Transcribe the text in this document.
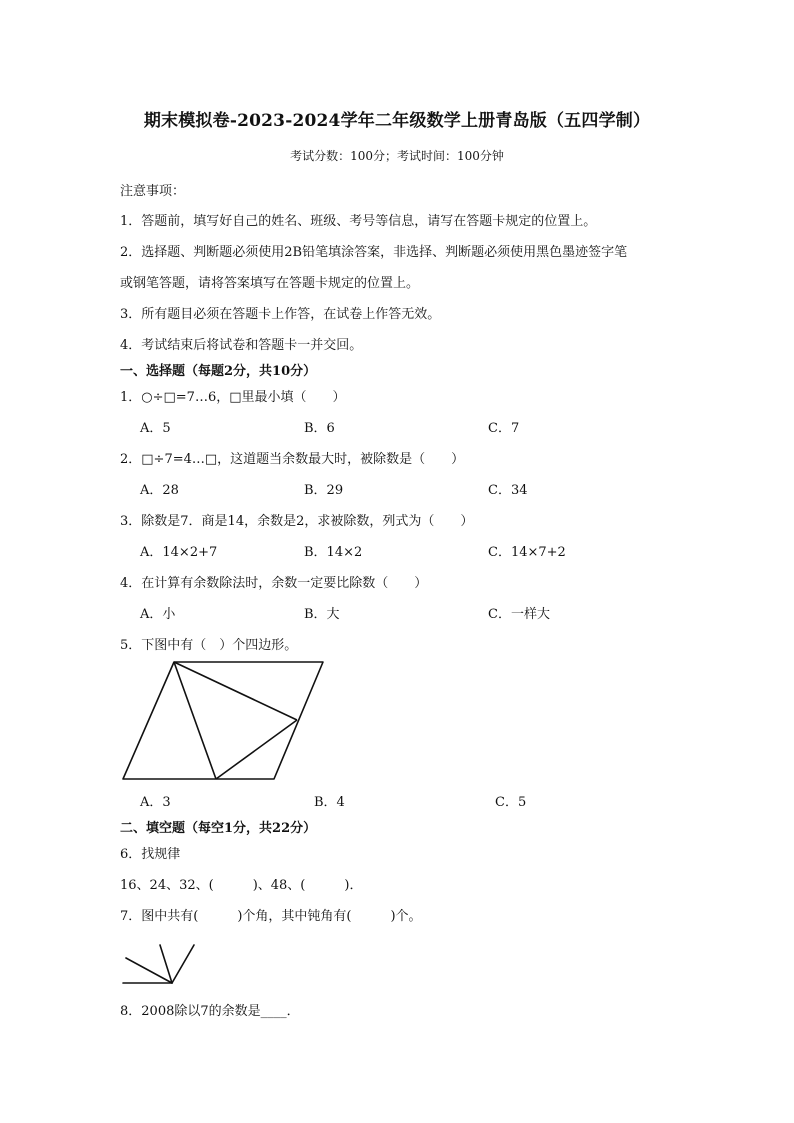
期末模拟卷-2023-2024学年二年级数学上册青岛版（五四学制）
考试分数：100分；考试时间：100分钟
注意事项：
1．答题前，填写好自己的姓名、班级、考号等信息，请写在答题卡规定的位置上。
2．选择题、判断题必须使用2B铅笔填涂答案，非选择、判断题必须使用黑色墨迹签字笔
或钢笔答题，请将答案填写在答题卡规定的位置上。
3．所有题目必须在答题卡上作答，在试卷上作答无效。
4．考试结束后将试卷和答题卡一并交回。
一、选择题（每题2分，共10分）
1．○÷□=7…6，□里最小填（　　）
A．5	B．6	C．7
2．□÷7=4…□，这道题当余数最大时，被除数是（　　）
A．28	B．29	C．34
3．除数是7．商是14，余数是2，求被除数，列式为（　　）
A．14×2+7	B．14×2	C．14×7+2
4．在计算有余数除法时，余数一定要比除数（　　）
A．小	B．大	C．一样大
5．下图中有（　）个四边形。
A．3	B．4	C．5
二、填空题（每空1分，共22分）
6．找规律
16、24、32、(　　　)、48、(　　　)．
7．图中共有(　　　)个角，其中钝角有(　　　)个。
8．2008除以7的余数是____．
